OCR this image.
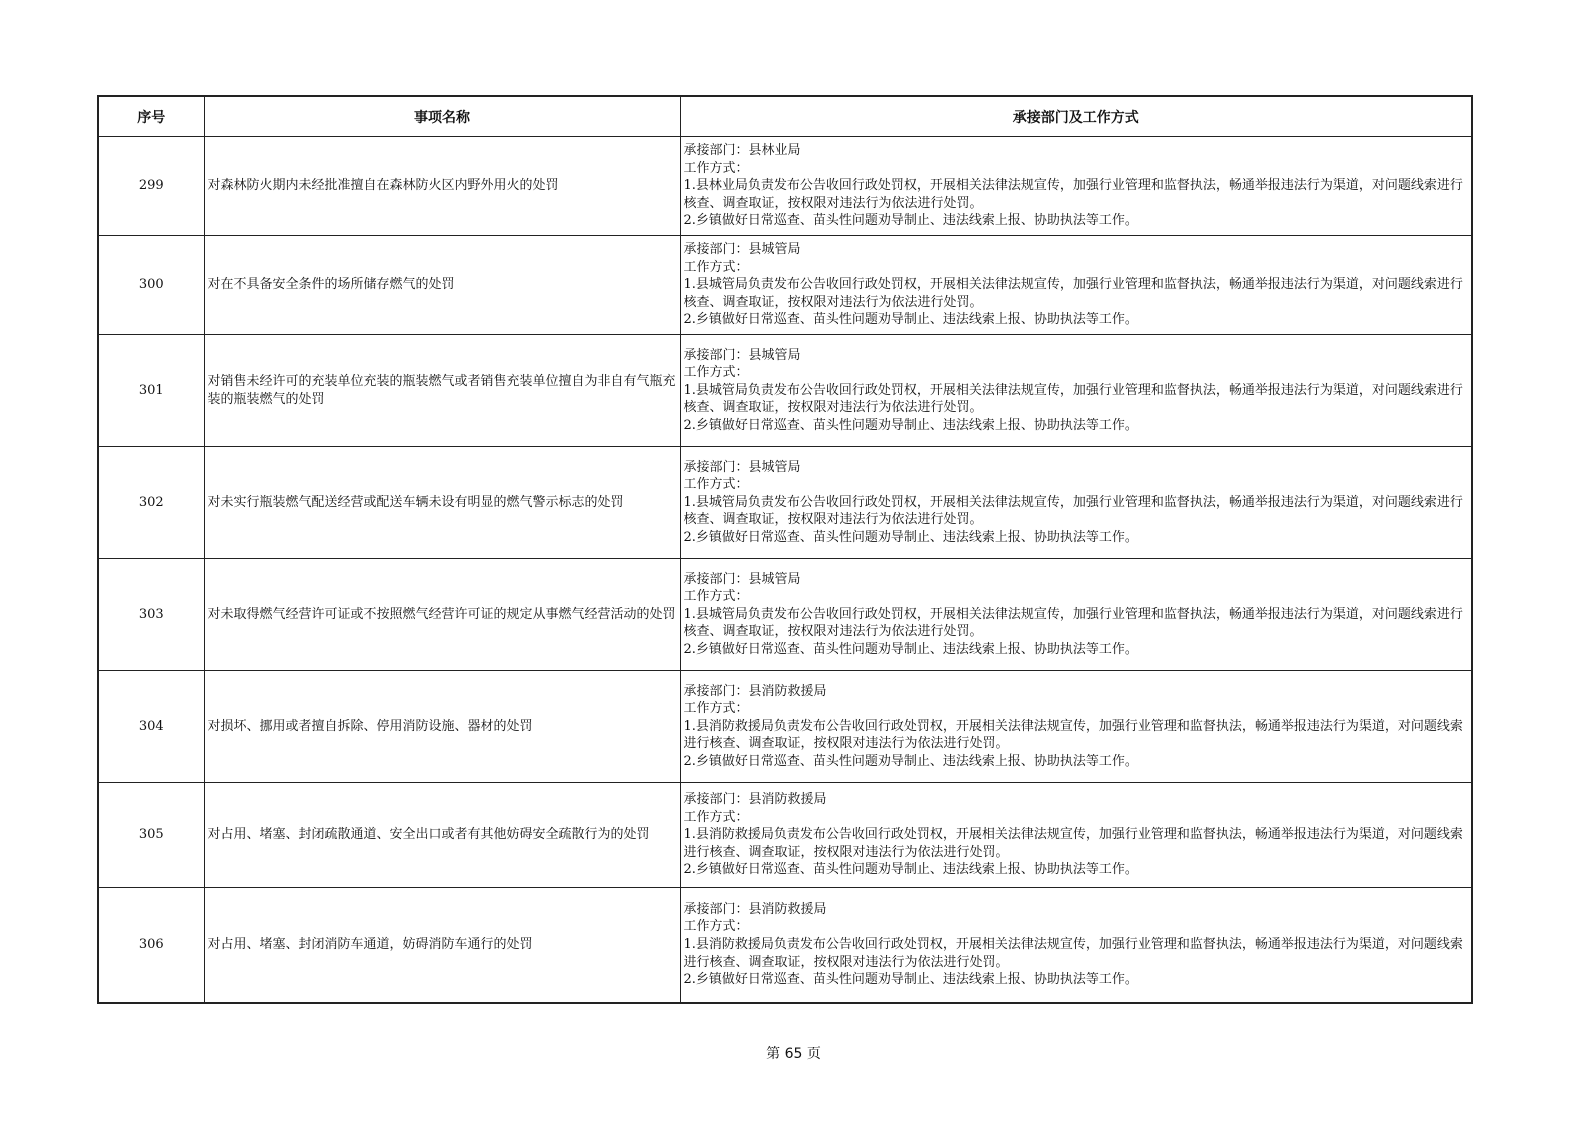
序号	事项名称	承接部门及工作方式
299	对森林防火期内未经批准擅自在森林防火区内野外用火的处罚	承接部门：县林业局
工作方式：
1.县林业局负责发布公告收回行政处罚权，开展相关法律法规宣传，加强行业管理和监督执法，畅通举报违法行为渠道，对问题线索进行核查、调查取证，按权限对违法行为依法进行处罚。
2.乡镇做好日常巡查、苗头性问题劝导制止、违法线索上报、协助执法等工作。

300	对在不具备安全条件的场所储存燃气的处罚	承接部门：县城管局
工作方式：
1.县城管局负责发布公告收回行政处罚权，开展相关法律法规宣传，加强行业管理和监督执法，畅通举报违法行为渠道，对问题线索进行核查、调查取证，按权限对违法行为依法进行处罚。
2.乡镇做好日常巡查、苗头性问题劝导制止、违法线索上报、协助执法等工作。

301	对销售未经许可的充装单位充装的瓶装燃气或者销售充装单位擅自为非自有气瓶充装的瓶装燃气的处罚	承接部门：县城管局
工作方式：
1.县城管局负责发布公告收回行政处罚权，开展相关法律法规宣传，加强行业管理和监督执法，畅通举报违法行为渠道，对问题线索进行核查、调查取证，按权限对违法行为依法进行处罚。
2.乡镇做好日常巡查、苗头性问题劝导制止、违法线索上报、协助执法等工作。

302	对未实行瓶装燃气配送经营或配送车辆未设有明显的燃气警示标志的处罚	承接部门：县城管局
工作方式：
1.县城管局负责发布公告收回行政处罚权，开展相关法律法规宣传，加强行业管理和监督执法，畅通举报违法行为渠道，对问题线索进行核查、调查取证，按权限对违法行为依法进行处罚。
2.乡镇做好日常巡查、苗头性问题劝导制止、违法线索上报、协助执法等工作。

303	对未取得燃气经营许可证或不按照燃气经营许可证的规定从事燃气经营活动的处罚	承接部门：县城管局
工作方式：
1.县城管局负责发布公告收回行政处罚权，开展相关法律法规宣传，加强行业管理和监督执法，畅通举报违法行为渠道，对问题线索进行核查、调查取证，按权限对违法行为依法进行处罚。
2.乡镇做好日常巡查、苗头性问题劝导制止、违法线索上报、协助执法等工作。

304	对损坏、挪用或者擅自拆除、停用消防设施、器材的处罚	承接部门：县消防救援局
工作方式：
1.县消防救援局负责发布公告收回行政处罚权，开展相关法律法规宣传，加强行业管理和监督执法，畅通举报违法行为渠道，对问题线索进行核查、调查取证，按权限对违法行为依法进行处罚。
2.乡镇做好日常巡查、苗头性问题劝导制止、违法线索上报、协助执法等工作。

305	对占用、堵塞、封闭疏散通道、安全出口或者有其他妨碍安全疏散行为的处罚	承接部门：县消防救援局
工作方式：
1.县消防救援局负责发布公告收回行政处罚权，开展相关法律法规宣传，加强行业管理和监督执法，畅通举报违法行为渠道，对问题线索进行核查、调查取证，按权限对违法行为依法进行处罚。
2.乡镇做好日常巡查、苗头性问题劝导制止、违法线索上报、协助执法等工作。

306	对占用、堵塞、封闭消防车通道，妨碍消防车通行的处罚	承接部门：县消防救援局
工作方式：
1.县消防救援局负责发布公告收回行政处罚权，开展相关法律法规宣传，加强行业管理和监督执法，畅通举报违法行为渠道，对问题线索进行核查、调查取证，按权限对违法行为依法进行处罚。
2.乡镇做好日常巡查、苗头性问题劝导制止、违法线索上报、协助执法等工作。
第 65 页
